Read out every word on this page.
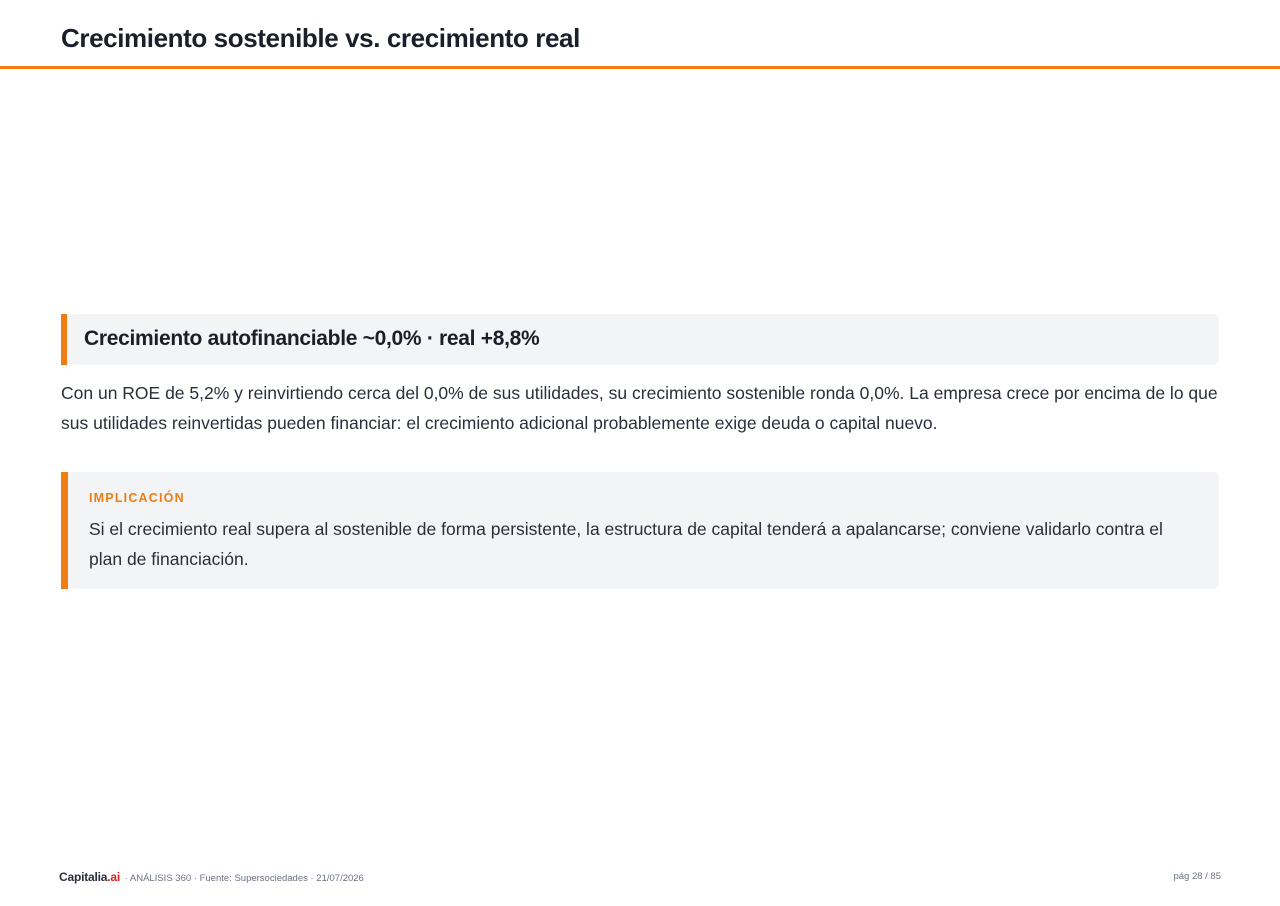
Crecimiento sostenible vs. crecimiento real
Crecimiento autofinanciable ~0,0% · real +8,8%

Con un ROE de 5,2% y reinvirtiendo cerca del 0,0% de sus utilidades, su crecimiento sostenible ronda 0,0%. La empresa crece por encima de lo que sus utilidades reinvertidas pueden financiar: el crecimiento adicional probablemente exige deuda o capital nuevo.

IMPLICACIÓN

Si el crecimiento real supera al sostenible de forma persistente, la estructura de capital tenderá a apalancarse; conviene validarlo contra el plan de financiación.

Capitalia.ai · ANÁLISIS 360 · Fuente: Supersociedades · 21/07/2026	pág 28 / 85
